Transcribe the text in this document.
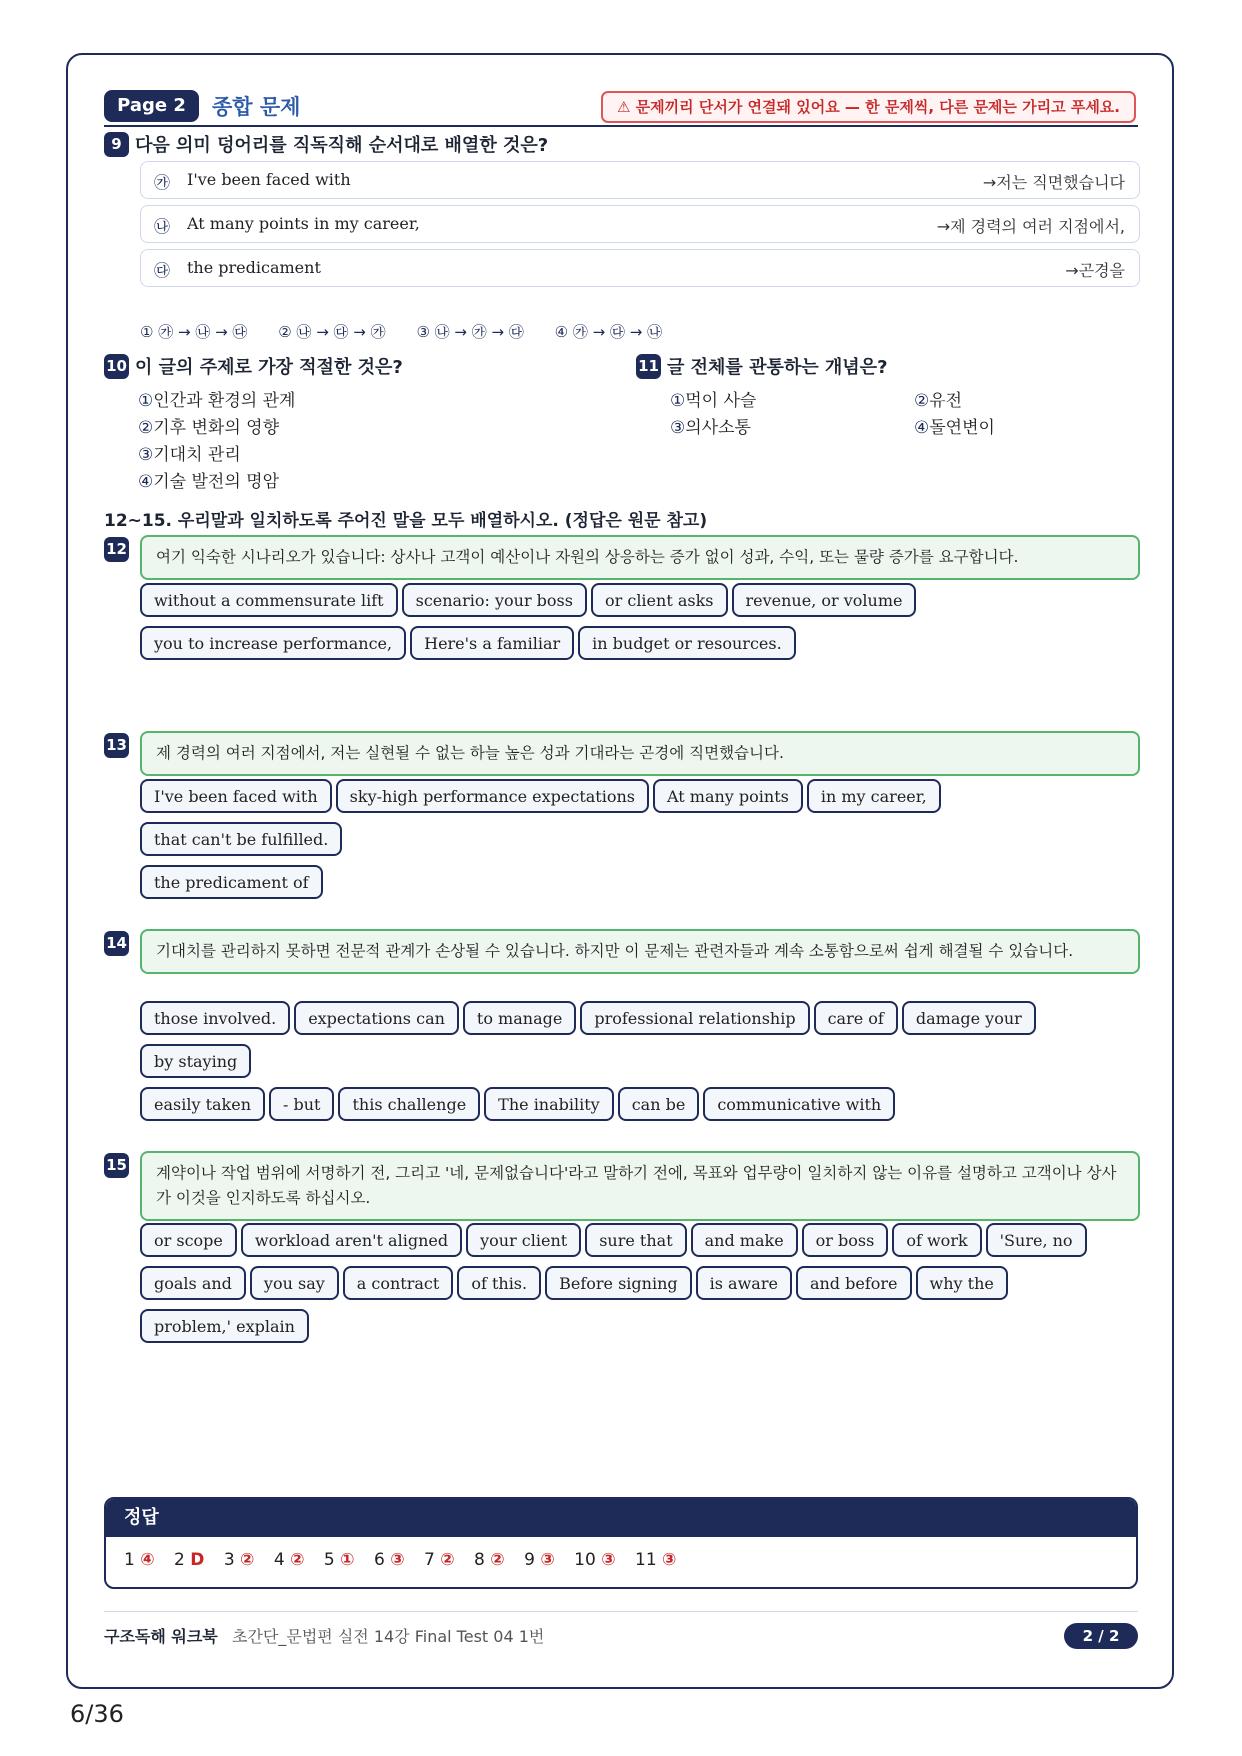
Page 2	종합 문제	⚠ 문제끼리 단서가 연결돼 있어요 — 한 문제씩, 다른 문제는 가리고 푸세요.
9 다음 의미 덩어리를 직독직해 순서대로 배열한 것은?
㉮ I've been faced with	→저는 직면했습니다
㉯ At many points in my career,	→제 경력의 여러 지점에서,
㉰ the predicament	→곤경을
① ㉮ → ㉯ → ㉰ ② ㉯ → ㉰ → ㉮ ③ ㉯ → ㉮ → ㉰ ④ ㉮ → ㉰ → ㉯
10 이 글의 주제로 가장 적절한 것은?
①인간과 환경의 관계
②기후 변화의 영향
③기대치 관리
④기술 발전의 명암
11 글 전체를 관통하는 개념은?
①먹이 사슬	②유전
③의사소통	④돌연변이
12~15. 우리말과 일치하도록 주어진 말을 모두 배열하시오. (정답은 원문 참고)
12	여기 익숙한 시나리오가 있습니다: 상사나 고객이 예산이나 자원의 상응하는 증가 없이 성과, 수익, 또는 물량 증가를 요구합니다.
without a commensurate lift scenario: your boss or client asks revenue, or volume
you to increase performance, Here's a familiar in budget or resources.
13	제 경력의 여러 지점에서, 저는 실현될 수 없는 하늘 높은 성과 기대라는 곤경에 직면했습니다.
I've been faced with sky-high performance expectations At many points in my career,that can't be fulfilled.
the predicament of
14	기대치를 관리하지 못하면 전문적 관계가 손상될 수 있습니다. 하지만 이 문제는 관련자들과 계속 소통함으로써 쉽게 해결될 수 있습니다.
those involved. expectations can to manage professional relationship care of damage yourby staying
easily taken - but this challenge The inability can be communicative with
15	계약이나 작업 범위에 서명하기 전, 그리고 '네, 문제없습니다'라고 말하기 전에, 목표와 업무량이 일치하지 않는 이유를 설명하고 고객이나 상사가 이것을 인지하도록 하십시오.
or scope workload aren't aligned your client sure that and make or boss of work 'Sure, no
goals and you say a contract of this. Before signing is aware and before why the
problem,' explain
정답
1 ④ 2 D 3 ② 4 ② 5 ① 6 ③ 7 ② 8 ② 9 ③ 10 ③ 11 ③
구조독해 워크북 초간단_문법편 실전 14강 Final Test 04 1번	2 / 2
6/36
